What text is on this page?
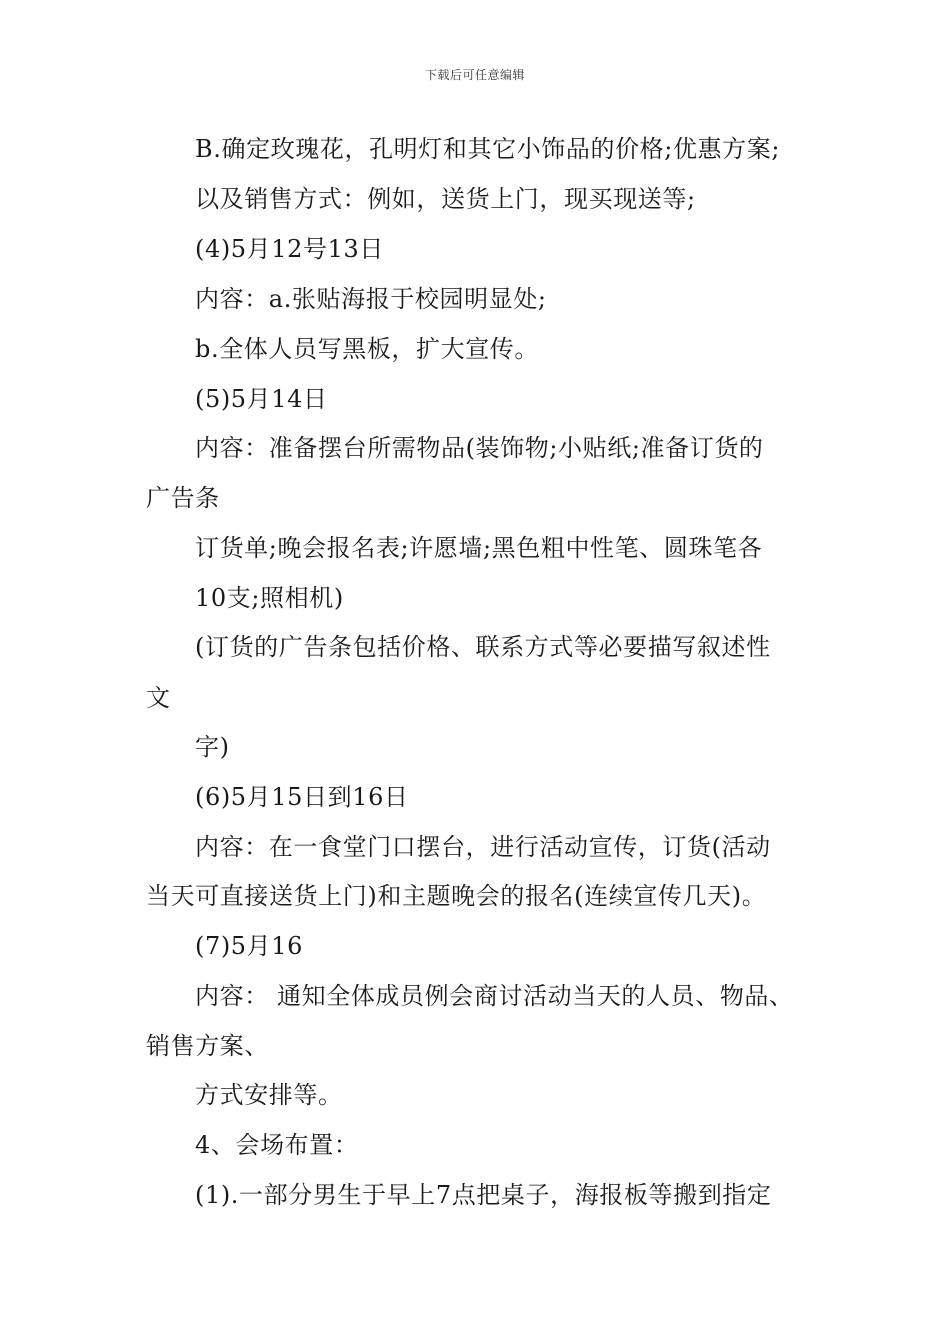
下载后可任意编辑
B.确定玫瑰花，孔明灯和其它小饰品的价格;优惠方案;
以及销售方式：例如，送货上门，现买现送等;
(4)5月12号13日
内容：a.张贴海报于校园明显处;
b.全体人员写黑板，扩大宣传。
(5)5月14日
内容：准备摆台所需物品(装饰物;小贴纸;准备订货的
广告条
订货单;晚会报名表;许愿墙;黑色粗中性笔、圆珠笔各
10支;照相机)
(订货的广告条包括价格、联系方式等必要描写叙述性
文
字)
(6)5月15日到16日
内容：在一食堂门口摆台，进行活动宣传，订货(活动
当天可直接送货上门)和主题晚会的报名(连续宣传几天)。
(7)5月16
内容： 通知全体成员例会商讨活动当天的人员、物品、
销售方案、
方式安排等。
4、会场布置：
(1).一部分男生于早上7点把桌子，海报板等搬到指定
